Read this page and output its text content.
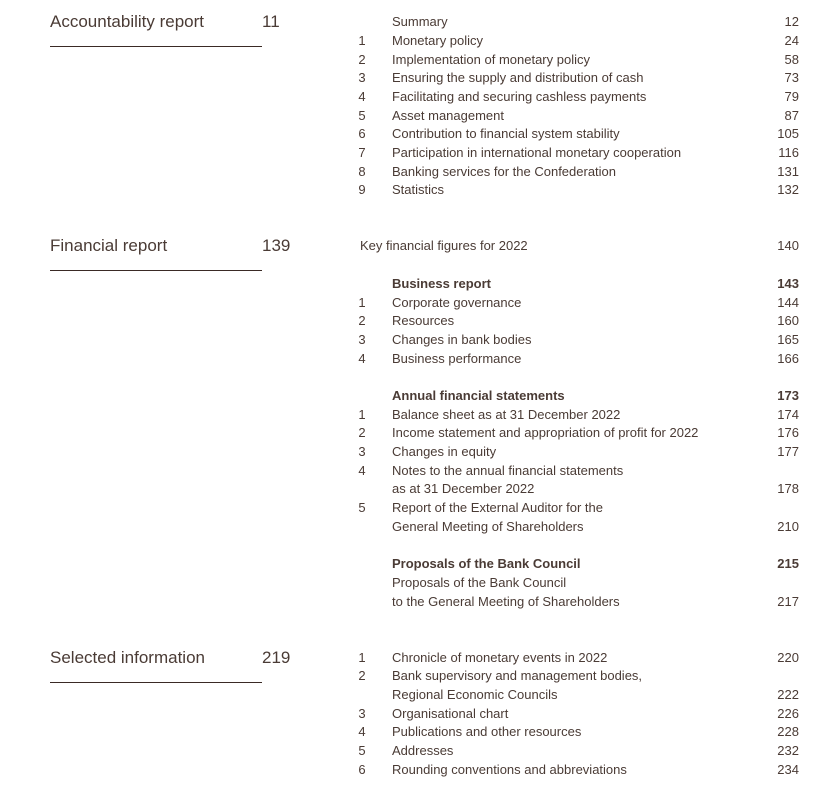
Accountability report	11	Summary	12
1 Monetary policy	24
2 Implementation of monetary policy	58
3 Ensuring the supply and distribution of cash	73
4 Facilitating and securing cashless payments	79
5 Asset management	87
6 Contribution to financial system stability	105
7 Participation in international monetary cooperation	116
8 Banking services for the Confederation	131
9 Statistics	132
Financial report	139	Key financial figures for 2022	140
Business report	143
1 Corporate governance	144
2 Resources	160
3 Changes in bank bodies	165
4 Business performance	166
Annual financial statements	173
1 Balance sheet as at 31 December 2022	174
2 Income statement and appropriation of profit for 2022	176
3 Changes in equity	177
4 Notes to the annual financial statements
as at 31 December 2022	178
5 Report of the External Auditor for the
General Meeting of Shareholders	210
Proposals of the Bank Council	215
Proposals of the Bank Council
to the General Meeting of Shareholders	217
Selected information	219	1 Chronicle of monetary events in 2022	220
2 Bank supervisory and management bodies,
Regional Economic Councils	222
3 Organisational chart	226
4 Publications and other resources	228
5 Addresses	232
6 Rounding conventions and abbreviations	234
